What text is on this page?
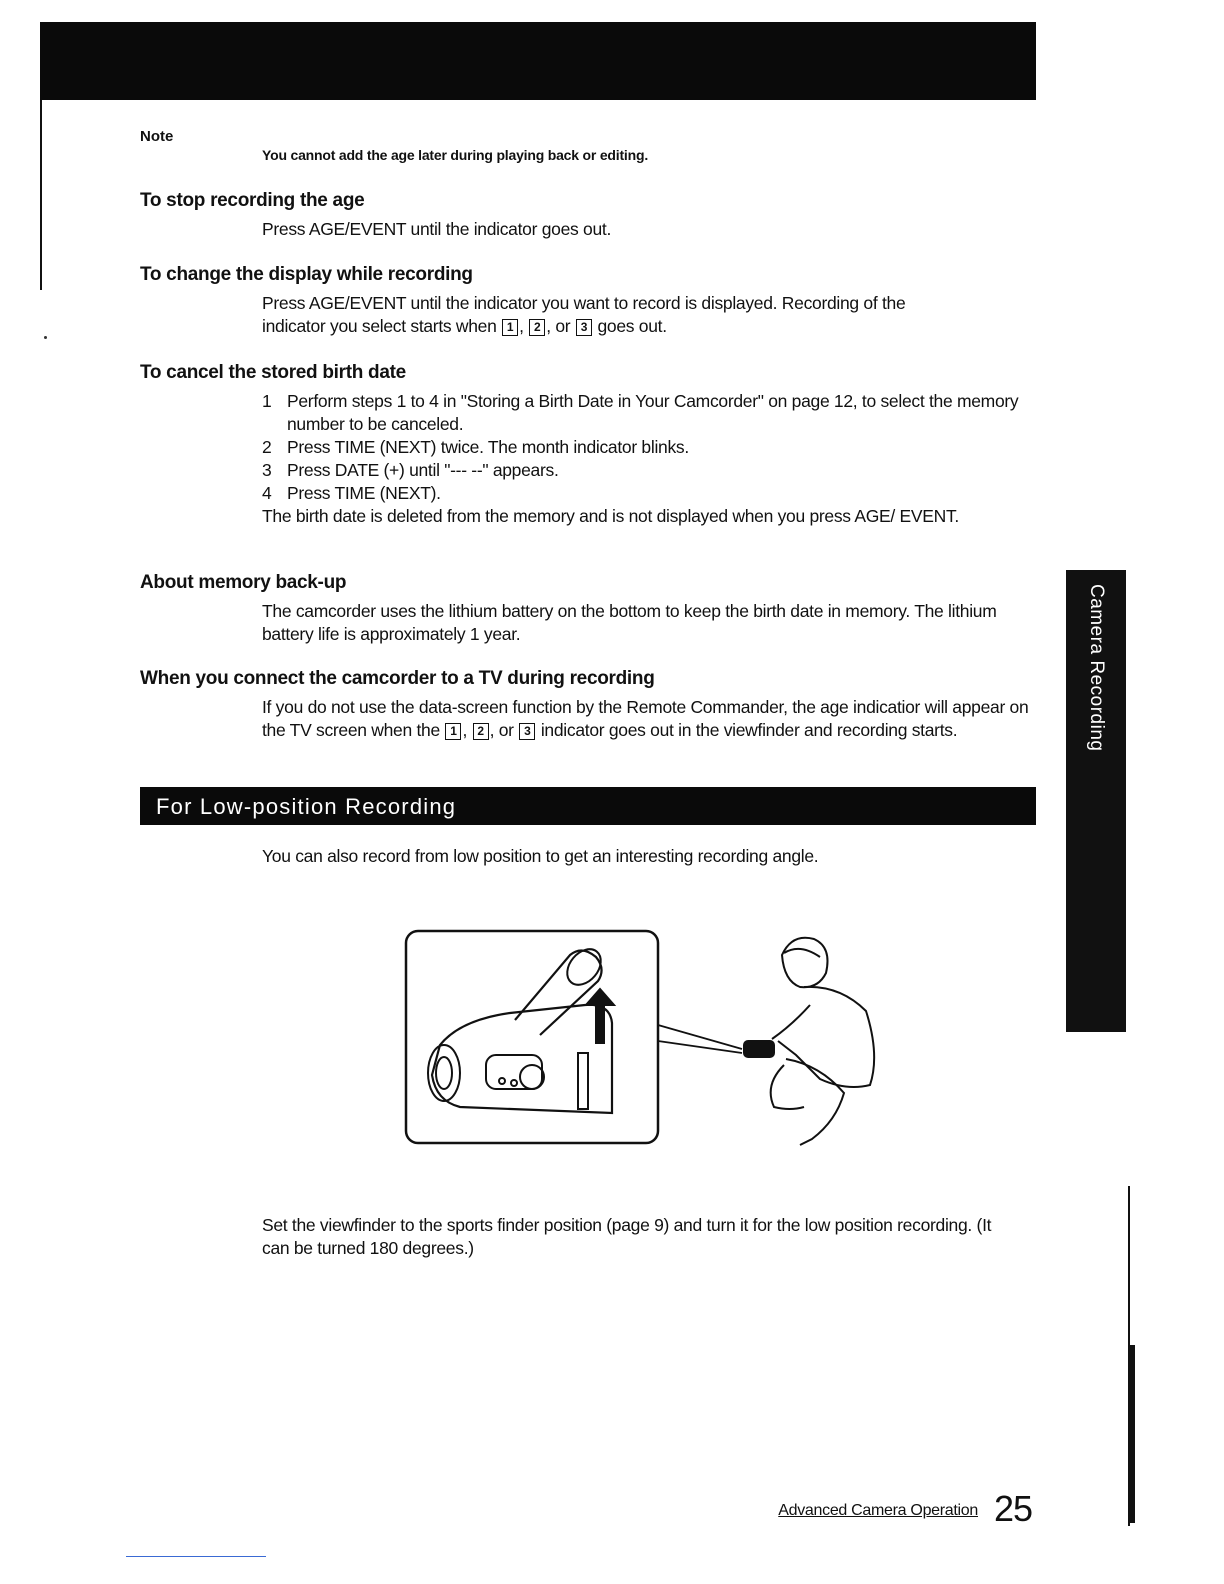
Note
You cannot add the age later during playing back or editing.
To stop recording the age
Press AGE/EVENT until the indicator goes out.
To change the display while recording
Press AGE/EVENT until the indicator you want to record is displayed. Recording of the
indicator you select starts when 1 , 2 , or 3 goes out.
To cancel the stored birth date
1 Perform steps 1 to 4 in "Storing a Birth Date in Your Camcorder" on page 12, to select the memory number to be canceled.
2 Press TIME (NEXT) twice. The month indicator blinks.
3 Press DATE (+) until "--- --" appears.
4 Press TIME (NEXT).
The birth date is deleted from the memory and is not displayed when you press AGE/ EVENT.
About memory back-up
The camcorder uses the lithium battery on the bottom to keep the birth date in memory. The lithium battery life is approximately 1 year.
When you connect the camcorder to a TV during recording
If you do not use the data-screen function by the Remote Commander, the age indicatior will appear on the TV screen when the 1 , 2 , or 3 indicator goes out in the viewfinder and recording starts.
For Low-position Recording
You can also record from low position to get an interesting recording angle.
Set the viewfinder to the sports finder position (page 9) and turn it for the low position recording. (It can be turned 180 degrees.)
Camera Recording
Advanced Camera Operation 25
